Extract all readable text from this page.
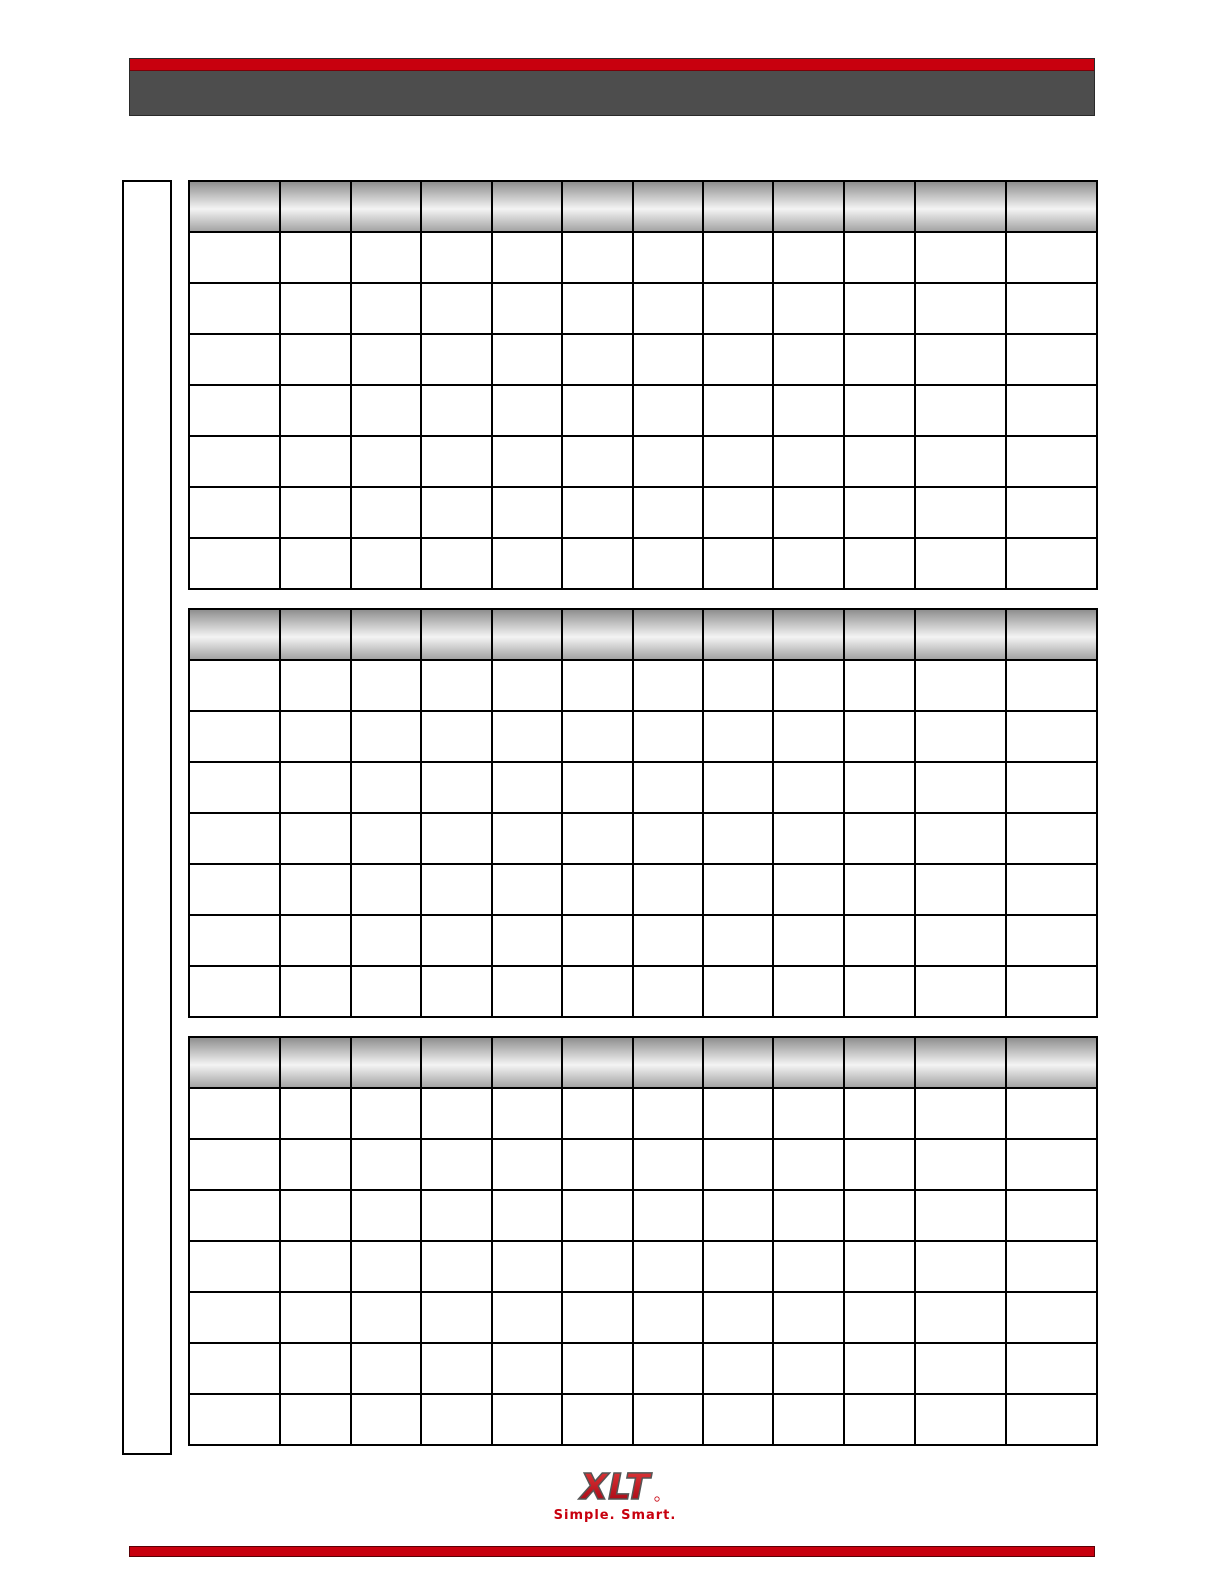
XLT
Simple. Smart.
